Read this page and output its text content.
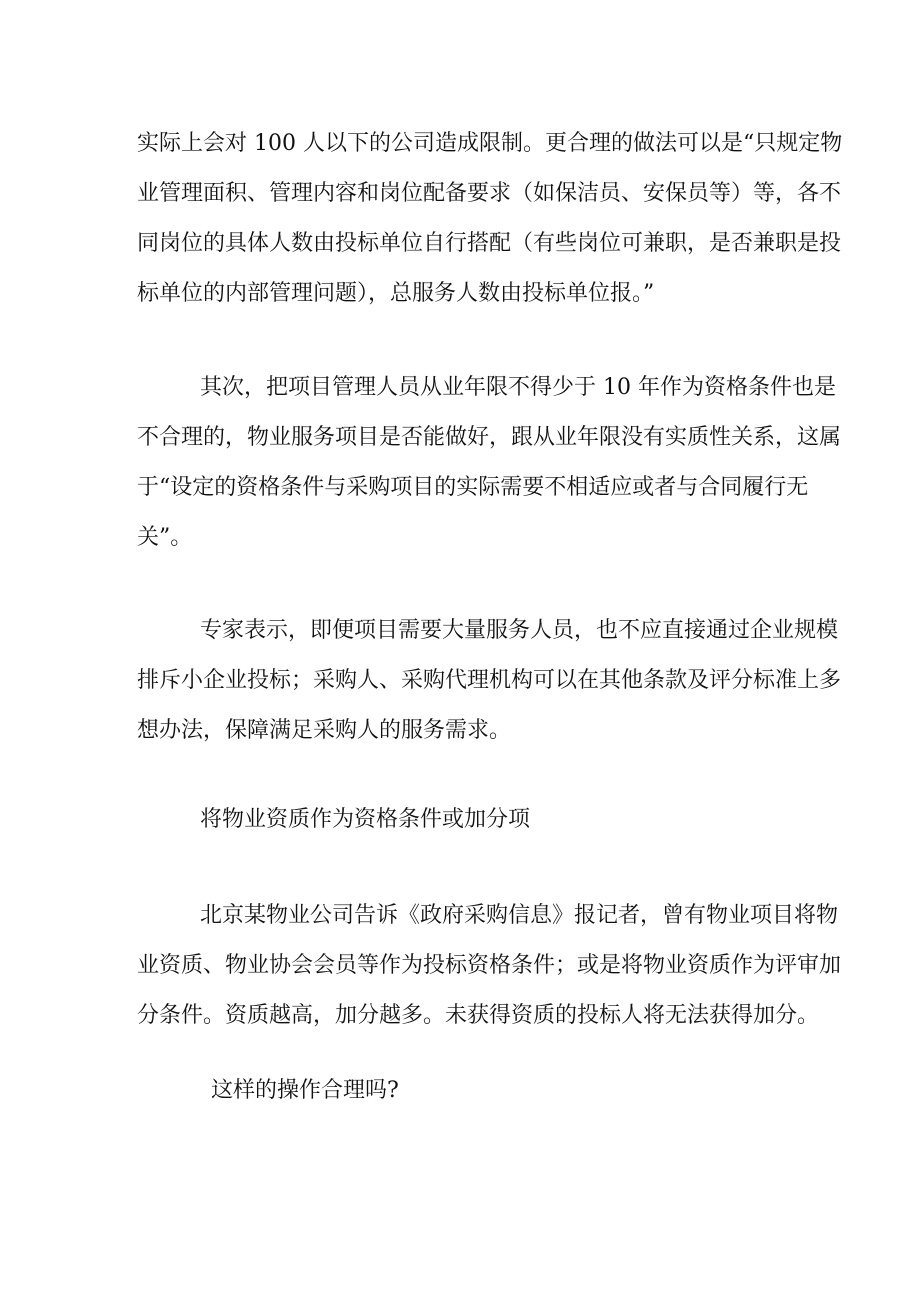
实际上会对 100 人以下的公司造成限制。更合理的做法可以是“只规定物
业管理面积、管理内容和岗位配备要求（如保洁员、安保员等）等，各不
同岗位的具体人数由投标单位自行搭配（有些岗位可兼职，是否兼职是投
标单位的内部管理问题），总服务人数由投标单位报。”
其次，把项目管理人员从业年限不得少于 10 年作为资格条件也是
不合理的，物业服务项目是否能做好，跟从业年限没有实质性关系，这属
于“设定的资格条件与采购项目的实际需要不相适应或者与合同履行无
关”。
专家表示，即便项目需要大量服务人员，也不应直接通过企业规模
排斥小企业投标；采购人、采购代理机构可以在其他条款及评分标准上多
想办法，保障满足采购人的服务需求。
将物业资质作为资格条件或加分项
北京某物业公司告诉《政府采购信息》报记者，曾有物业项目将物
业资质、物业协会会员等作为投标资格条件；或是将物业资质作为评审加
分条件。资质越高，加分越多。未获得资质的投标人将无法获得加分。
这样的操作合理吗?
